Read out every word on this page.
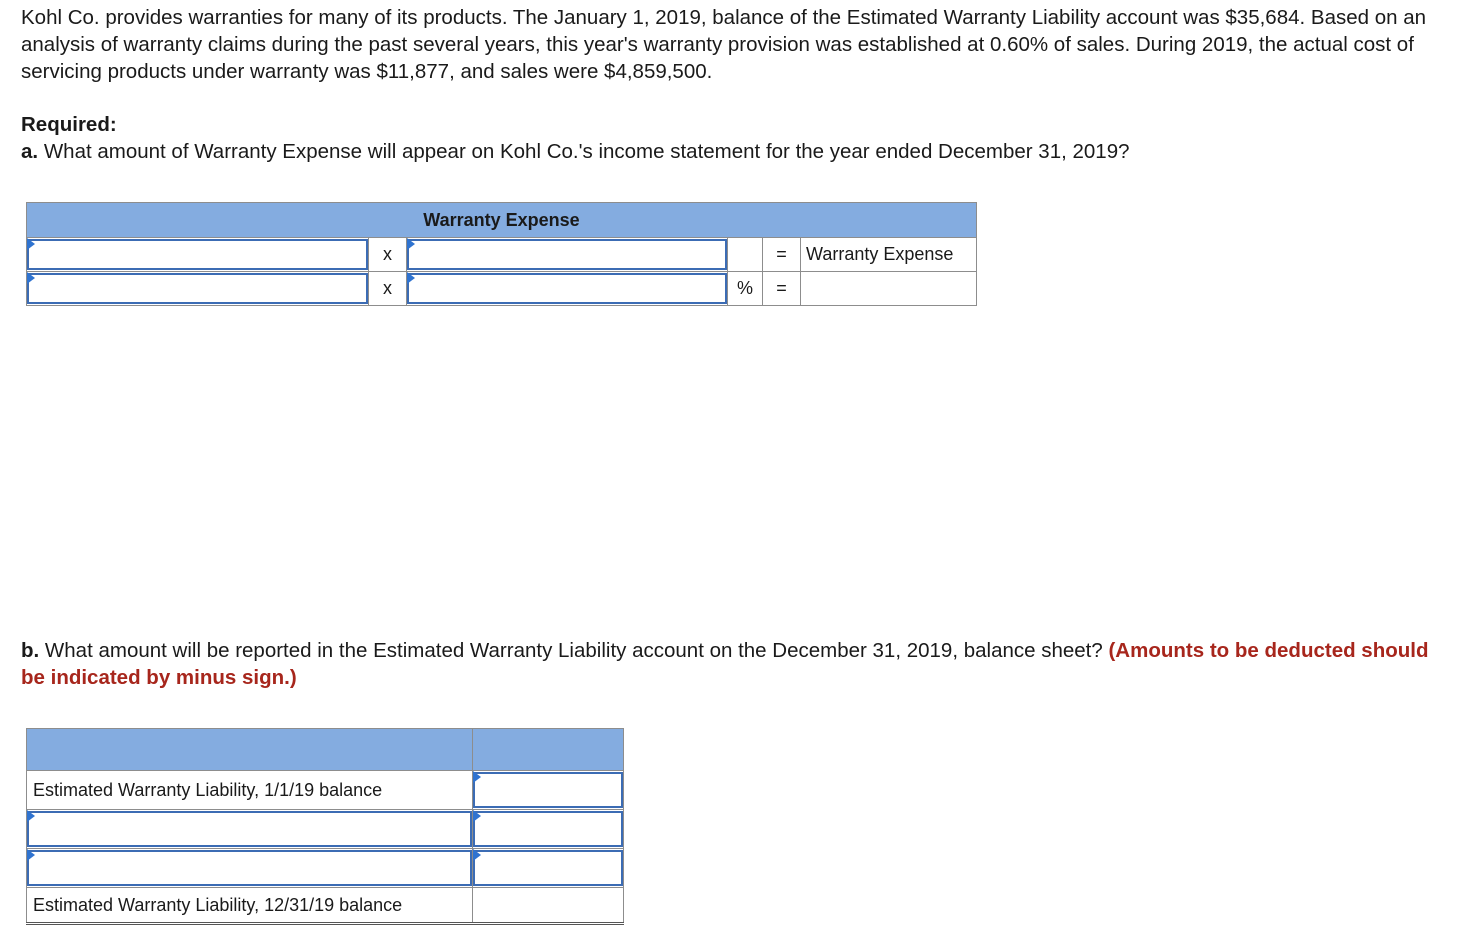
Kohl Co. provides warranties for many of its products. The January 1, 2019, balance of the Estimated Warranty Liability account was $35,684. Based on an analysis of warranty claims during the past several years, this year's warranty provision was established at 0.60% of sales. During 2019, the actual cost of servicing products under warranty was $11,877, and sales were $4,859,500.

Required:
a. What amount of Warranty Expense will appear on Kohl Co.'s income statement for the year ended December 31, 2019?
Warranty Expense					

	x			=	Warranty Expense

	x		%	=	
b. What amount will be reported in the Estimated Warranty Liability account on the December 31, 2019, balance sheet? (Amounts to be deducted should be indicated by minus sign.)

Estimated Warranty Liability, 1/1/19 balance	

Estimated Warranty Liability, 12/31/19 balance	
